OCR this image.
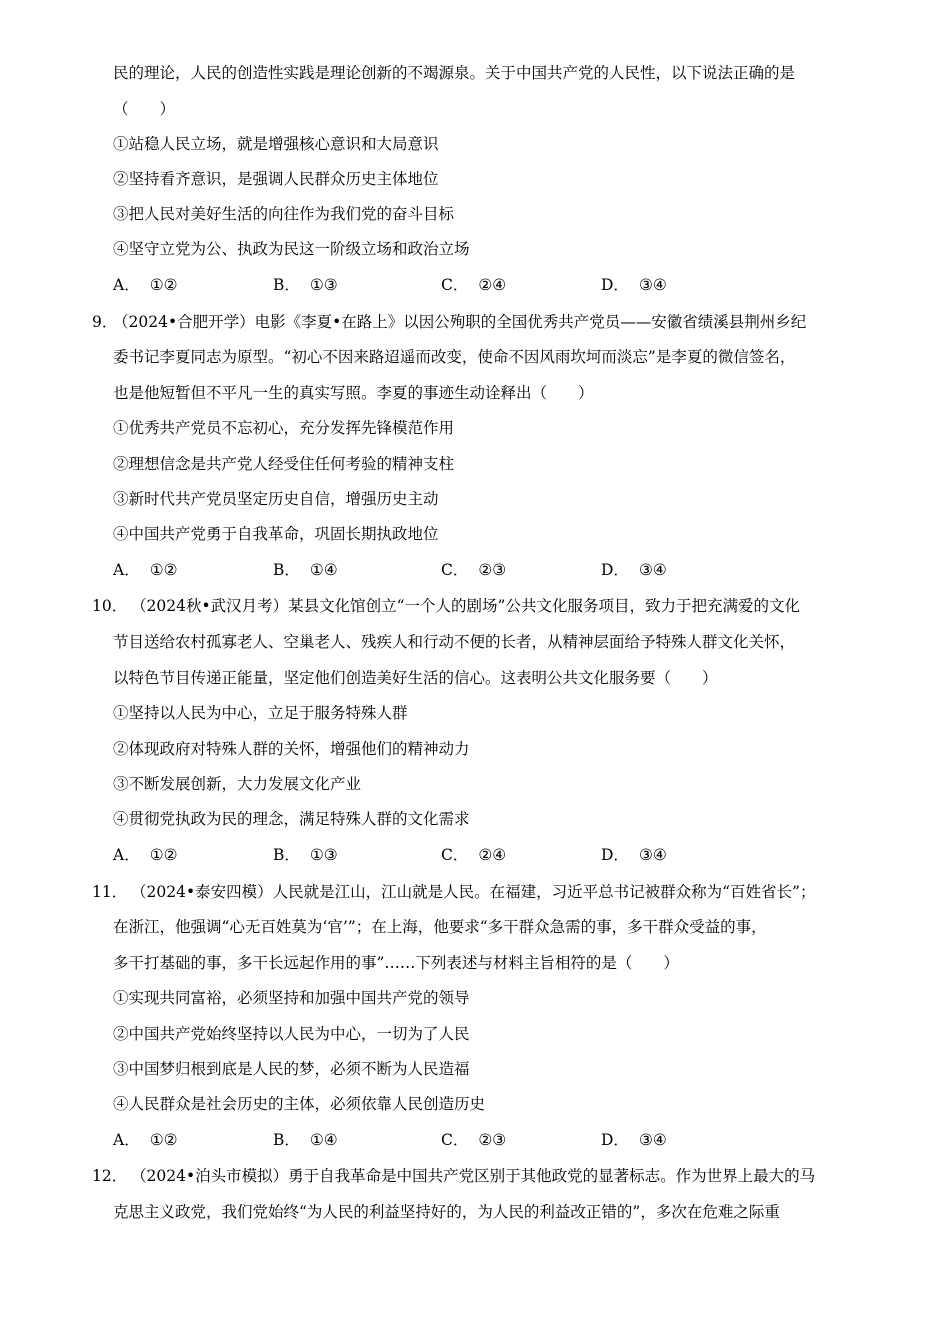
民的理论，人民的创造性实践是理论创新的不竭源泉。关于中国共产党的人民性，以下说法正确的是
（　　）
①站稳人民立场，就是增强核心意识和大局意识
②坚持看齐意识，是强调人民群众历史主体地位
③把人民对美好生活的向往作为我们党的奋斗目标
④坚守立党为公、执政为民这一阶级立场和政治立场
A． ①②	B． ①③	C． ②④	D． ③④
9．
（2024•合肥开学）电影《李夏•在路上》以因公殉职的全国优秀共产党员——安徽省绩溪县荆州乡纪
委书记李夏同志为原型。“初心不因来路迢遥而改变，使命不因风雨坎坷而淡忘”是李夏的微信签名，
也是他短暂但不平凡一生的真实写照。李夏的事迹生动诠释出（　　）
①优秀共产党员不忘初心，充分发挥先锋模范作用
②理想信念是共产党人经受住任何考验的精神支柱
③新时代共产党员坚定历史自信，增强历史主动
④中国共产党勇于自我革命，巩固长期执政地位
A． ①②	B． ①④	C． ②③	D． ③④
10． （2024秋•武汉月考）某县文化馆创立“一个人的剧场”公共文化服务项目，致力于把充满爱的文化
节目送给农村孤寡老人、空巢老人、残疾人和行动不便的长者，从精神层面给予特殊人群文化关怀，
以特色节目传递正能量，坚定他们创造美好生活的信心。这表明公共文化服务要（　　）
①坚持以人民为中心，立足于服务特殊人群
②体现政府对特殊人群的关怀，增强他们的精神动力
③不断发展创新，大力发展文化产业
④贯彻党执政为民的理念，满足特殊人群的文化需求
A． ①②	B． ①③	C． ②④	D． ③④
11． （2024•泰安四模）人民就是江山，江山就是人民。在福建，习近平总书记被群众称为“百姓省长”；
在浙江，他强调“心无百姓莫为‘官’”；在上海，他要求“多干群众急需的事，多干群众受益的事，
多干打基础的事，多干长远起作用的事”……下列表述与材料主旨相符的是（　　）
①实现共同富裕，必须坚持和加强中国共产党的领导
②中国共产党始终坚持以人民为中心，一切为了人民
③中国梦归根到底是人民的梦，必须不断为人民造福
④人民群众是社会历史的主体，必须依靠人民创造历史
A． ①②	B． ①④	C． ②③	D． ③④
12． （2024•泊头市模拟）勇于自我革命是中国共产党区别于其他政党的显著标志。作为世界上最大的马
克思主义政党，我们党始终“为人民的利益坚持好的，为人民的利益改正错的”，多次在危难之际重
